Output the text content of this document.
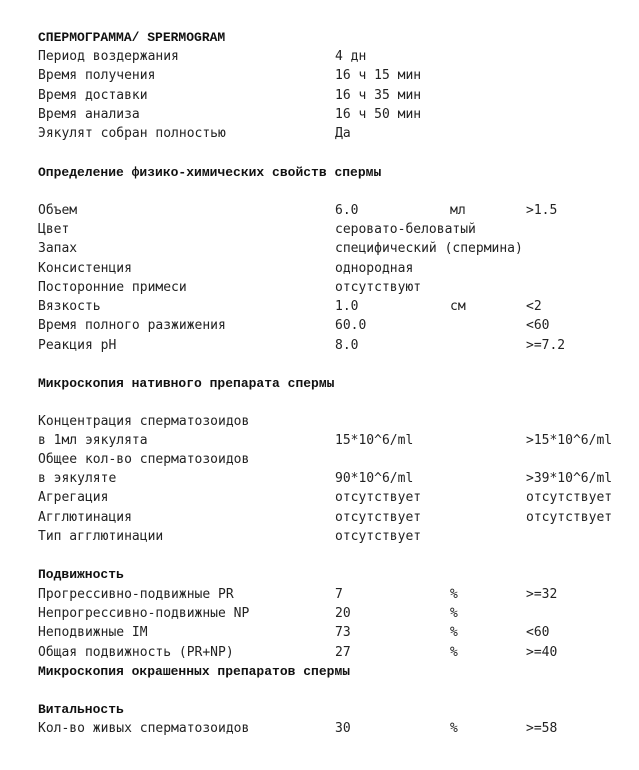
СПЕРМОГРАММА/ SPERMOGRAM
Период воздержания	4 дн
Время получения	16 ч 15 мин
Время доставки	16 ч 35 мин
Время анализа	16 ч 50 мин
Эякулят собран полностью	Да
Определение физико-химических свойств спермы
Объем	6.0	мл	>1.5
Цвет	серовато-беловатый
Запах	специфический (спермина)
Консистенция	однородная
Посторонние примеси	отсутствуют
Вязкость	1.0	см	<2
Время полного разжижения	60.0	<60
Реакция pH	8.0	>=7.2
Микроскопия нативного препарата спермы
Концентрация сперматозоидов
в 1мл эякулята	15*10^6/ml	>15*10^6/ml
Общее кол-во сперматозоидов
в эякуляте	90*10^6/ml	>39*10^6/ml
Агрегация	отсутствует	отсутствует
Агглютинация	отсутствует	отсутствует
Тип агглютинации	отсутствует
Подвижность
Прогрессивно-подвижные PR	7	%	>=32
Непрогрессивно-подвижные NP	20	%
Неподвижные IM	73	%	<60
Общая подвижность (PR+NP)	27	%	>=40
Микроскопия окрашенных препаратов спермы
Витальность
Кол-во живых сперматозоидов	30	%	>=58
